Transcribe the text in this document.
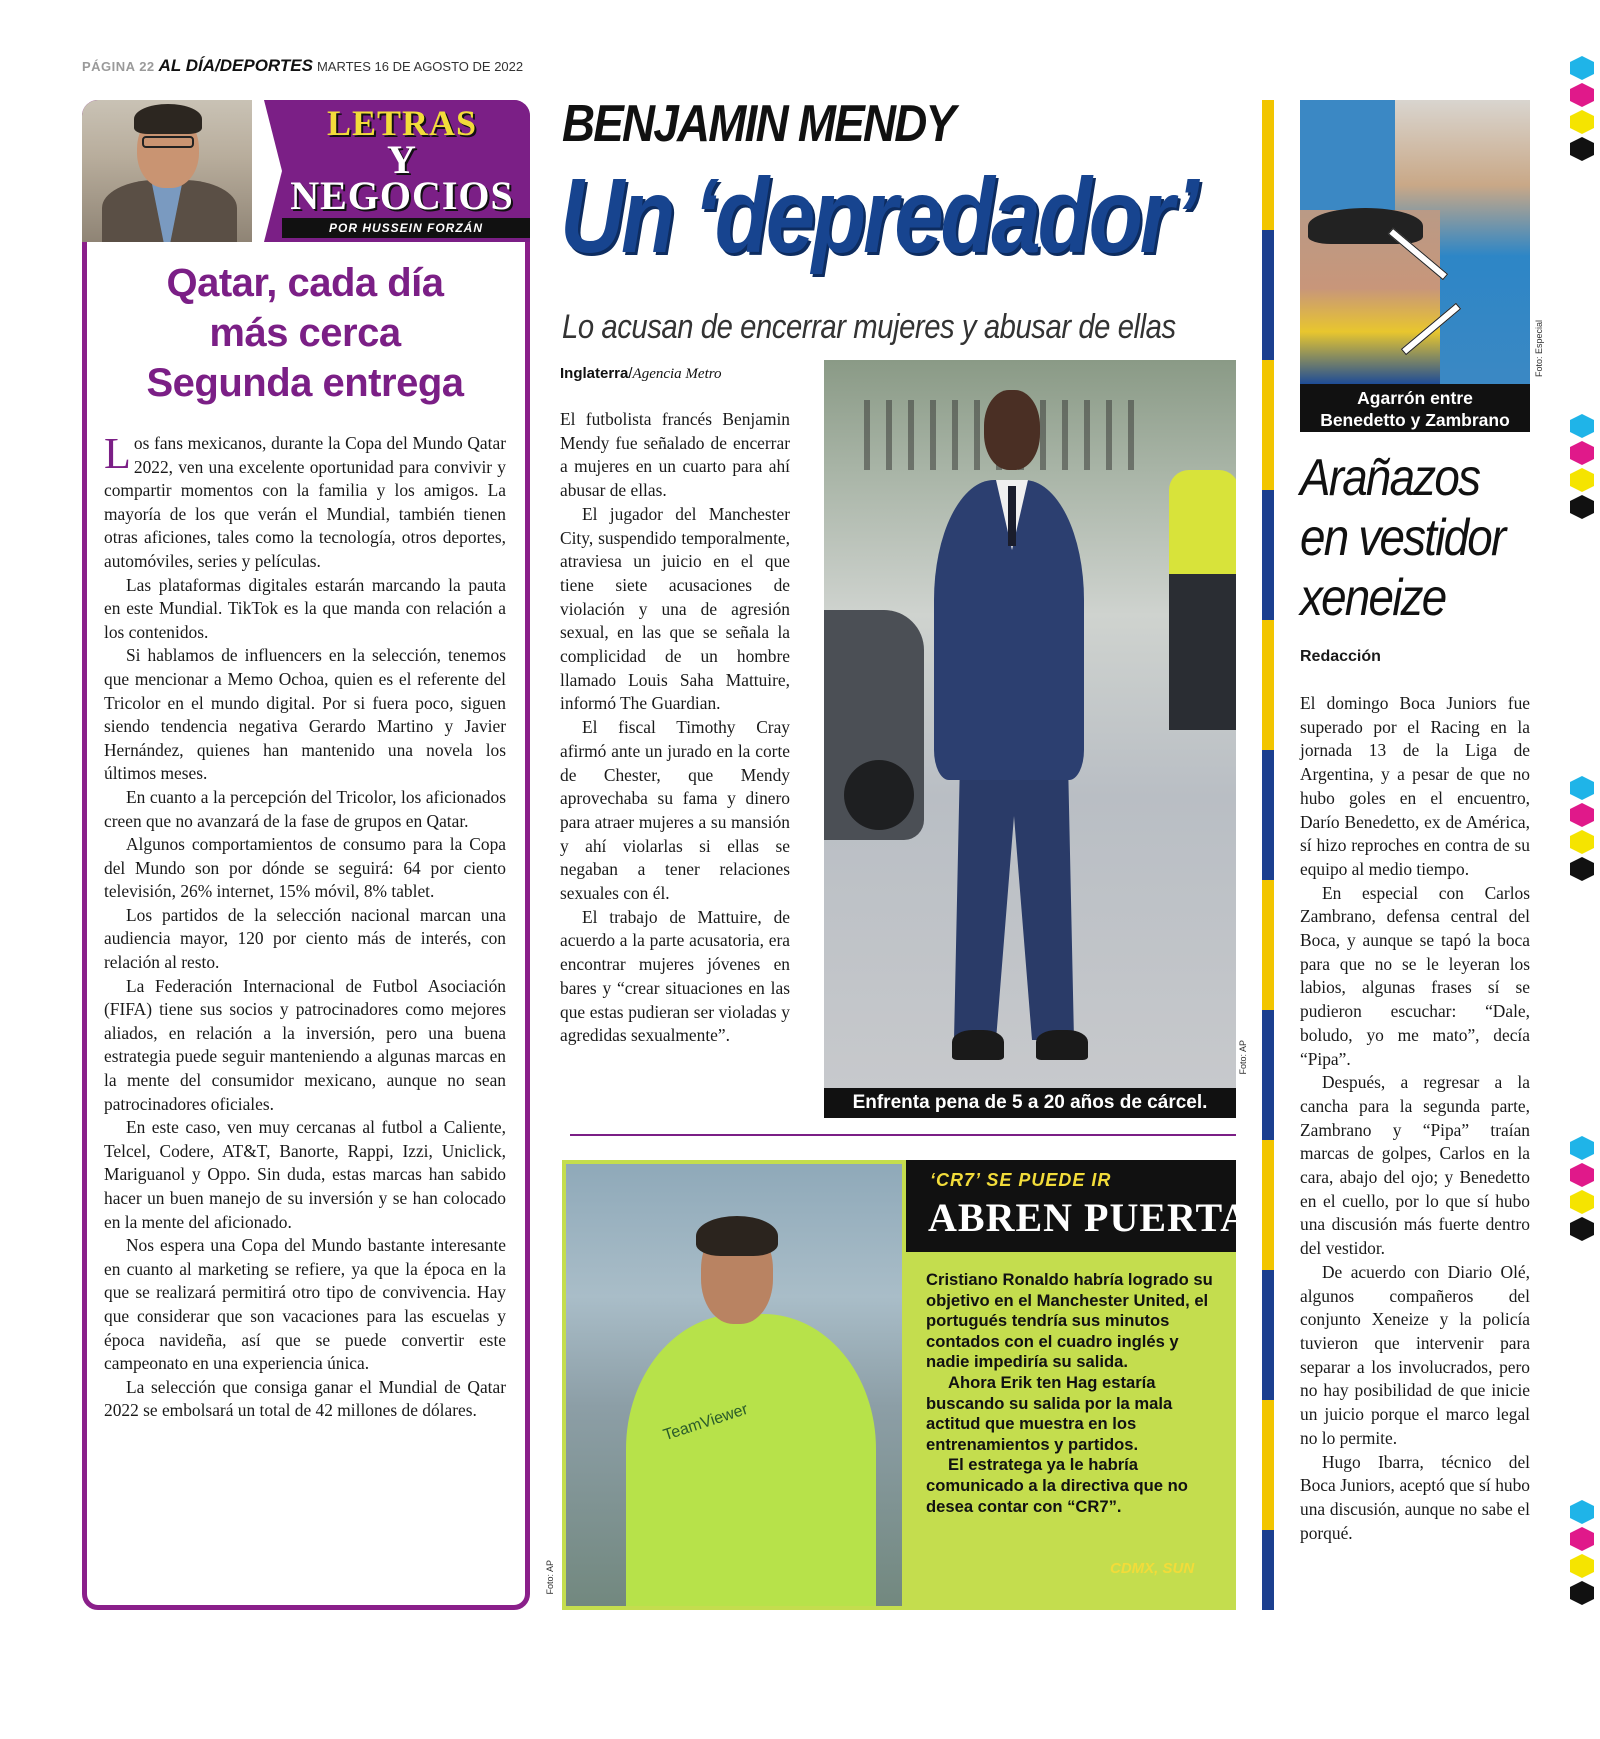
PÁGINA 22 AL DÍA/DEPORTES MARTES 16 DE AGOSTO DE 2022
LETRAS
Y
NEGOCIOS
POR HUSSEIN FORZÁN
Qatar, cada día
más cerca
Segunda entrega

Los fans mexicanos, durante la Copa del Mundo Qatar 2022, ven una excelente oportunidad para convivir y compartir momentos con la familia y los amigos. La mayoría de los que verán el Mundial, también tienen otras aficiones, tales como la tecnología, otros deportes, automóviles, series y películas.

Las plataformas digitales estarán marcando la pauta en este Mundial. TikTok es la que manda con relación a los contenidos.

Si hablamos de influencers en la selección, tenemos que mencionar a Memo Ochoa, quien es el referente del Tricolor en el mundo digital. Por si fuera poco, siguen siendo tendencia negativa Gerardo Martino y Javier Hernández, quienes han mantenido una novela los últimos meses.

En cuanto a la percepción del Tricolor, los aficionados creen que no avanzará de la fase de grupos en Qatar.

Algunos comportamientos de consumo para la Copa del Mundo son por dónde se seguirá: 64 por ciento televisión, 26% internet, 15% móvil, 8% tablet.

Los partidos de la selección nacional marcan una audiencia mayor, 120 por ciento más de interés, con relación al resto.

La Federación Internacional de Futbol Asociación (FIFA) tiene sus socios y patrocinadores como mejores aliados, en relación a la inversión, pero una buena estrategia puede seguir manteniendo a algunas marcas en la mente del consumidor mexicano, aunque no sean patrocinadores oficiales.

En este caso, ven muy cercanas al futbol a Caliente, Telcel, Codere, AT&T, Banorte, Rappi, Izzi, Uniclick, Mariguanol y Oppo. Sin duda, estas marcas han sabido hacer un buen manejo de su inversión y se han colocado en la mente del aficionado.

Nos espera una Copa del Mundo bastante interesante en cuanto al marketing se refiere, ya que la época en la que se realizará permitirá otro tipo de convivencia. Hay que considerar que son vacaciones para las escuelas y época navideña, así que se puede convertir este campeonato en una experiencia única.

La selección que consiga ganar el Mundial de Qatar 2022 se embolsará un total de 42 millones de dólares.

BENJAMIN MENDY
Un ‘depredador’
Lo acusan de encerrar mujeres y abusar de ellas
Inglaterra/Agencia Metro

El futbolista francés Benjamin Mendy fue señalado de encerrar a mujeres en un cuarto para ahí abusar de ellas.

El jugador del Manchester City, suspendido temporalmente, atraviesa un juicio en el que tiene siete acusaciones de violación y una de agresión sexual, en las que se señala la complicidad de un hombre llamado Louis Saha Mattuire, informó The Guardian.

El fiscal Timothy Cray afirmó ante un jurado en la corte de Chester, que Mendy aprovechaba su fama y dinero para atraer mujeres a su mansión y ahí violarlas si ellas se negaban a tener relaciones sexuales con él.

El trabajo de Mattuire, de acuerdo a la parte acusatoria, era encontrar mujeres jóvenes en bares y “crear situaciones en las que estas pudieran ser violadas y agredidas sexualmente”.

Foto: AP
Enfrenta pena de 5 a 20 años de cárcel.
TeamViewer
Foto: AP
‘CR7’ SE PUEDE IR
ABREN PUERTA

Cristiano Ronaldo habría logrado su objetivo en el Manchester United, el portugués tendría sus minutos contados con el cuadro inglés y nadie impediría su salida.

Ahora Erik ten Hag estaría buscando su salida por la mala actitud que muestra en los entrenamientos y partidos.

El estratega ya le habría comunicado a la directiva que no desea contar con “CR7”.

CDMX, SUN
Foto: Especial
Agarrón entre
Benedetto y Zambrano
Arañazos
en vestidor
xeneize
Redacción

El domingo Boca Juniors fue superado por el Racing en la jornada 13 de la Liga de Argentina, y a pesar de que no hubo goles en el encuentro, Darío Benedetto, ex de América, sí hizo reproches en contra de su equipo al medio tiempo.

En especial con Carlos Zambrano, defensa central del Boca, y aunque se tapó la boca para que no se le leyeran los labios, algunas frases sí se pudieron escuchar: “Dale, boludo, yo me mato”, decía “Pipa”.

Después, a regresar a la cancha para la segunda parte, Zambrano y “Pipa” traían marcas de golpes, Carlos en la cara, abajo del ojo; y Benedetto en el cuello, por lo que sí hubo una discusión más fuerte dentro del vestidor.

De acuerdo con Diario Olé, algunos compañeros del conjunto Xeneize y la policía tuvieron que intervenir para separar a los involucrados, pero no hay posibilidad de que inicie un juicio porque el marco legal no lo permite.

Hugo Ibarra, técnico del Boca Juniors, aceptó que sí hubo una discusión, aunque no sabe el porqué.
